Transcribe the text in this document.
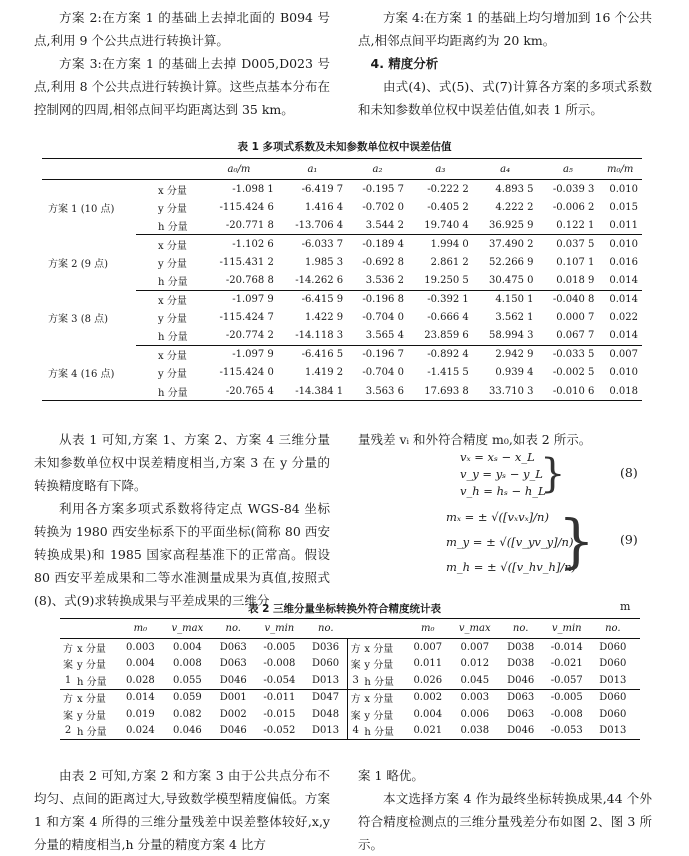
方案 2:在方案 1 的基础上去掉北面的 B094 号点,利用 9 个公共点进行转换计算。

方案 3:在方案 1 的基础上去掉 D005,D023 号点,利用 8 个公共点进行转换计算。这些点基本分布在控制网的四周,相邻点间平均距离达到 35 km。

方案 4:在方案 1 的基础上均匀增加到 16 个公共点,相邻点间平均距离约为 20 km。

4. 精度分析

由式(4)、式(5)、式(7)计算各方案的多项式系数和未知参数单位权中误差估值,如表 1 所示。

表 1 多项式系数及未知参数单位权中误差估值
		a₀/m	a₁	a₂	a₃	a₄	a₅	m₀/m
方案 1 (10 点)	x 分量	-1.098 1	-6.419 7	-0.195 7	-0.222 2	4.893 5	-0.039 3	0.010
	y 分量	-115.424 6	1.416 4	-0.702 0	-0.405 2	4.222 2	-0.006 2	0.015
	h 分量	-20.771 8	-13.706 4	3.544 2	19.740 4	36.925 9	0.122 1	0.011
方案 2 (9 点)	x 分量	-1.102 6	-6.033 7	-0.189 4	1.994 0	37.490 2	0.037 5	0.010
	y 分量	-115.431 2	1.985 3	-0.692 8	2.861 2	52.266 9	0.107 1	0.016
	h 分量	-20.768 8	-14.262 6	3.536 2	19.250 5	30.475 0	0.018 9	0.014
方案 3 (8 点)	x 分量	-1.097 9	-6.415 9	-0.196 8	-0.392 1	4.150 1	-0.040 8	0.014
	y 分量	-115.424 7	1.422 9	-0.704 0	-0.666 4	3.562 1	0.000 7	0.022
	h 分量	-20.774 2	-14.118 3	3.565 4	23.859 6	58.994 3	0.067 7	0.014
方案 4 (16 点)	x 分量	-1.097 9	-6.416 5	-0.196 7	-0.892 4	2.942 9	-0.033 5	0.007
	y 分量	-115.424 0	1.419 2	-0.704 0	-1.415 5	0.939 4	-0.002 5	0.010
	h 分量	-20.765 4	-14.384 1	3.563 6	17.693 8	33.710 3	-0.010 6	0.018

从表 1 可知,方案 1、方案 2、方案 4 三维分量未知参数单位权中误差精度相当,方案 3 在 y 分量的转换精度略有下降。

利用各方案多项式系数将待定点 WGS-84 坐标转换为 1980 西安坐标系下的平面坐标(简称 80 西安转换成果)和 1985 国家高程基准下的正常高。假设 80 西安平差成果和二等水准测量成果为真值,按照式(8)、式(9)求转换成果与平差成果的三维分

量残差 vᵢ 和外符合精度 m₀,如表 2 所示。

vₓ = xₛ − x_L
v_y = yₛ − y_L
v_h = hₛ − h_L
}	(8)
mₓ = ± √([vₓvₓ]/n)
m_y = ± √([v_yv_y]/n)
m_h = ± √([v_hv_h]/n)
} (9)
表 2 三维分量坐标转换外符合精度统计表	m
		m₀	v_max	no.	v_min	no.			m₀	v_max	no.	v_min	no.		
方	x 分量	0.003	0.004	D063	-0.005	D036	方	x 分量	0.007	0.007	D038	-0.014	D060		
案	y 分量	0.004	0.008	D063	-0.008	D060	案	y 分量	0.011	0.012	D038	-0.021	D060		
1	h 分量	0.028	0.055	D046	-0.054	D013	3	h 分量	0.026	0.045	D046	-0.057	D013		
方	x 分量	0.014	0.059	D001	-0.011	D047	方	x 分量	0.002	0.003	D063	-0.005	D060		
案	y 分量	0.019	0.082	D002	-0.015	D048	案	y 分量	0.004	0.006	D063	-0.008	D060		
2	h 分量	0.024	0.046	D046	-0.052	D013	4	h 分量	0.021	0.038	D046	-0.053	D013		

由表 2 可知,方案 2 和方案 3 由于公共点分布不均匀、点间的距离过大,导致数学模型精度偏低。方案 1 和方案 4 所得的三维分量残差中误差整体较好,x,y 分量的精度相当,h 分量的精度方案 4 比方

案 1 略优。

本文选择方案 4 作为最终坐标转换成果,44 个外符合精度检测点的三维分量残差分布如图 2、图 3 所示。
